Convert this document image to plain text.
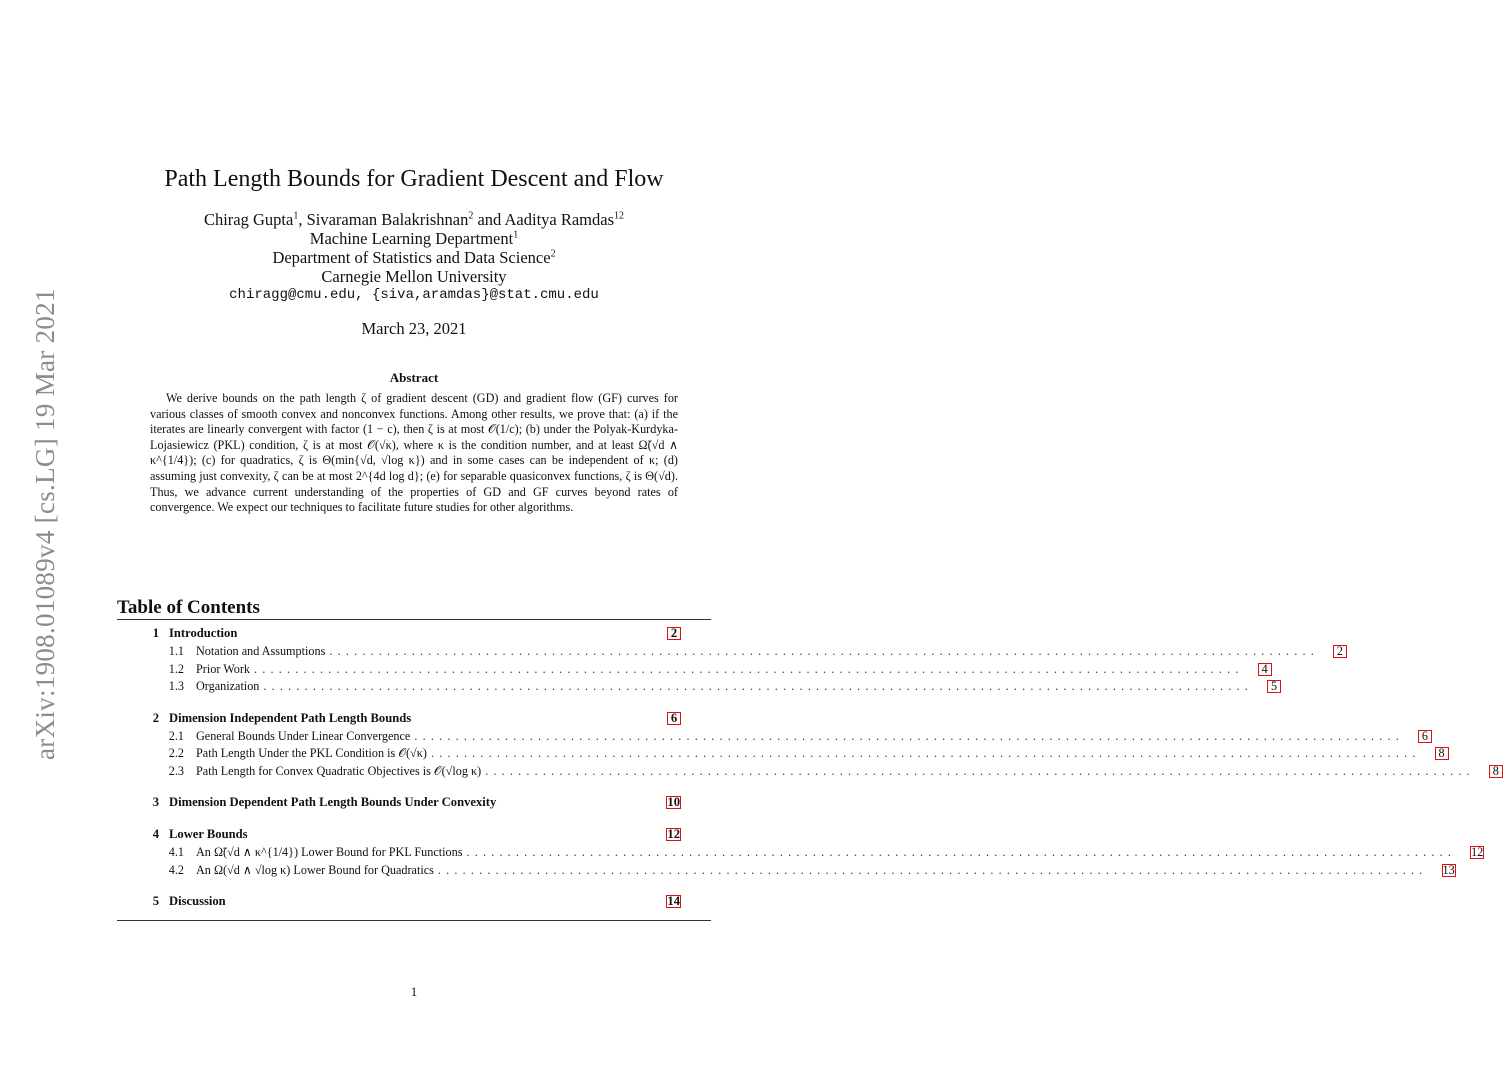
arXiv:1908.01089v4 [cs.LG] 19 Mar 2021
Path Length Bounds for Gradient Descent and Flow
Chirag Gupta$^1$, Sivaraman Balakrishnan$^2$ and Aaditya Ramdas$^{12}$
Machine Learning Department$^1$
Department of Statistics and Data Science$^2$
Carnegie Mellon University
chiragg@cmu.edu, {siva,aramdas}@stat.cmu.edu
March 23, 2021
Abstract

We derive bounds on the path length ζ of gradient descent (GD) and gradient flow (GF) curves for various classes of smooth convex and nonconvex functions. Among other results, we prove that: (a) if the iterates are linearly convergent with factor (1 − c), then ζ is at most 𝒪(1/c); (b) under the Polyak-Kurdyka-Lojasiewicz (PKL) condition, ζ is at most 𝒪(√κ), where κ is the condition number, and at least Ω̃(√d ∧ κ^{1/4}); (c) for quadratics, ζ is Θ(min{√d, √log κ}) and in some cases can be independent of κ; (d) assuming just convexity, ζ can be at most 2^{4d log d}; (e) for separable quasiconvex functions, ζ is Θ(√d). Thus, we advance current understanding of the properties of GD and GF curves beyond rates of convergence. We expect our techniques to facilitate future studies for other algorithms.

Table of Contents
1 Introduction	2
1.1 Notation and Assumptions ........................................................................................................................	2
1.2 Prior Work ........................................................................................................................	4
1.3 Organization ........................................................................................................................	5
2 Dimension Independent Path Length Bounds	6
2.1 General Bounds Under Linear Convergence ........................................................................................................................	6
2.2 Path Length Under the PKL Condition is 𝒪(√κ) ........................................................................................................................	8
2.3 Path Length for Convex Quadratic Objectives is 𝒪(√log κ) ........................................................................................................................	8
3 Dimension Dependent Path Length Bounds Under Convexity	10
4 Lower Bounds	12
4.1 An Ω̃(√d ∧ κ^{1/4}) Lower Bound for PKL Functions ........................................................................................................................ 12
4.2 An Ω(√d ∧ √log κ) Lower Bound for Quadratics ........................................................................................................................ 13
5 Discussion	14
1
